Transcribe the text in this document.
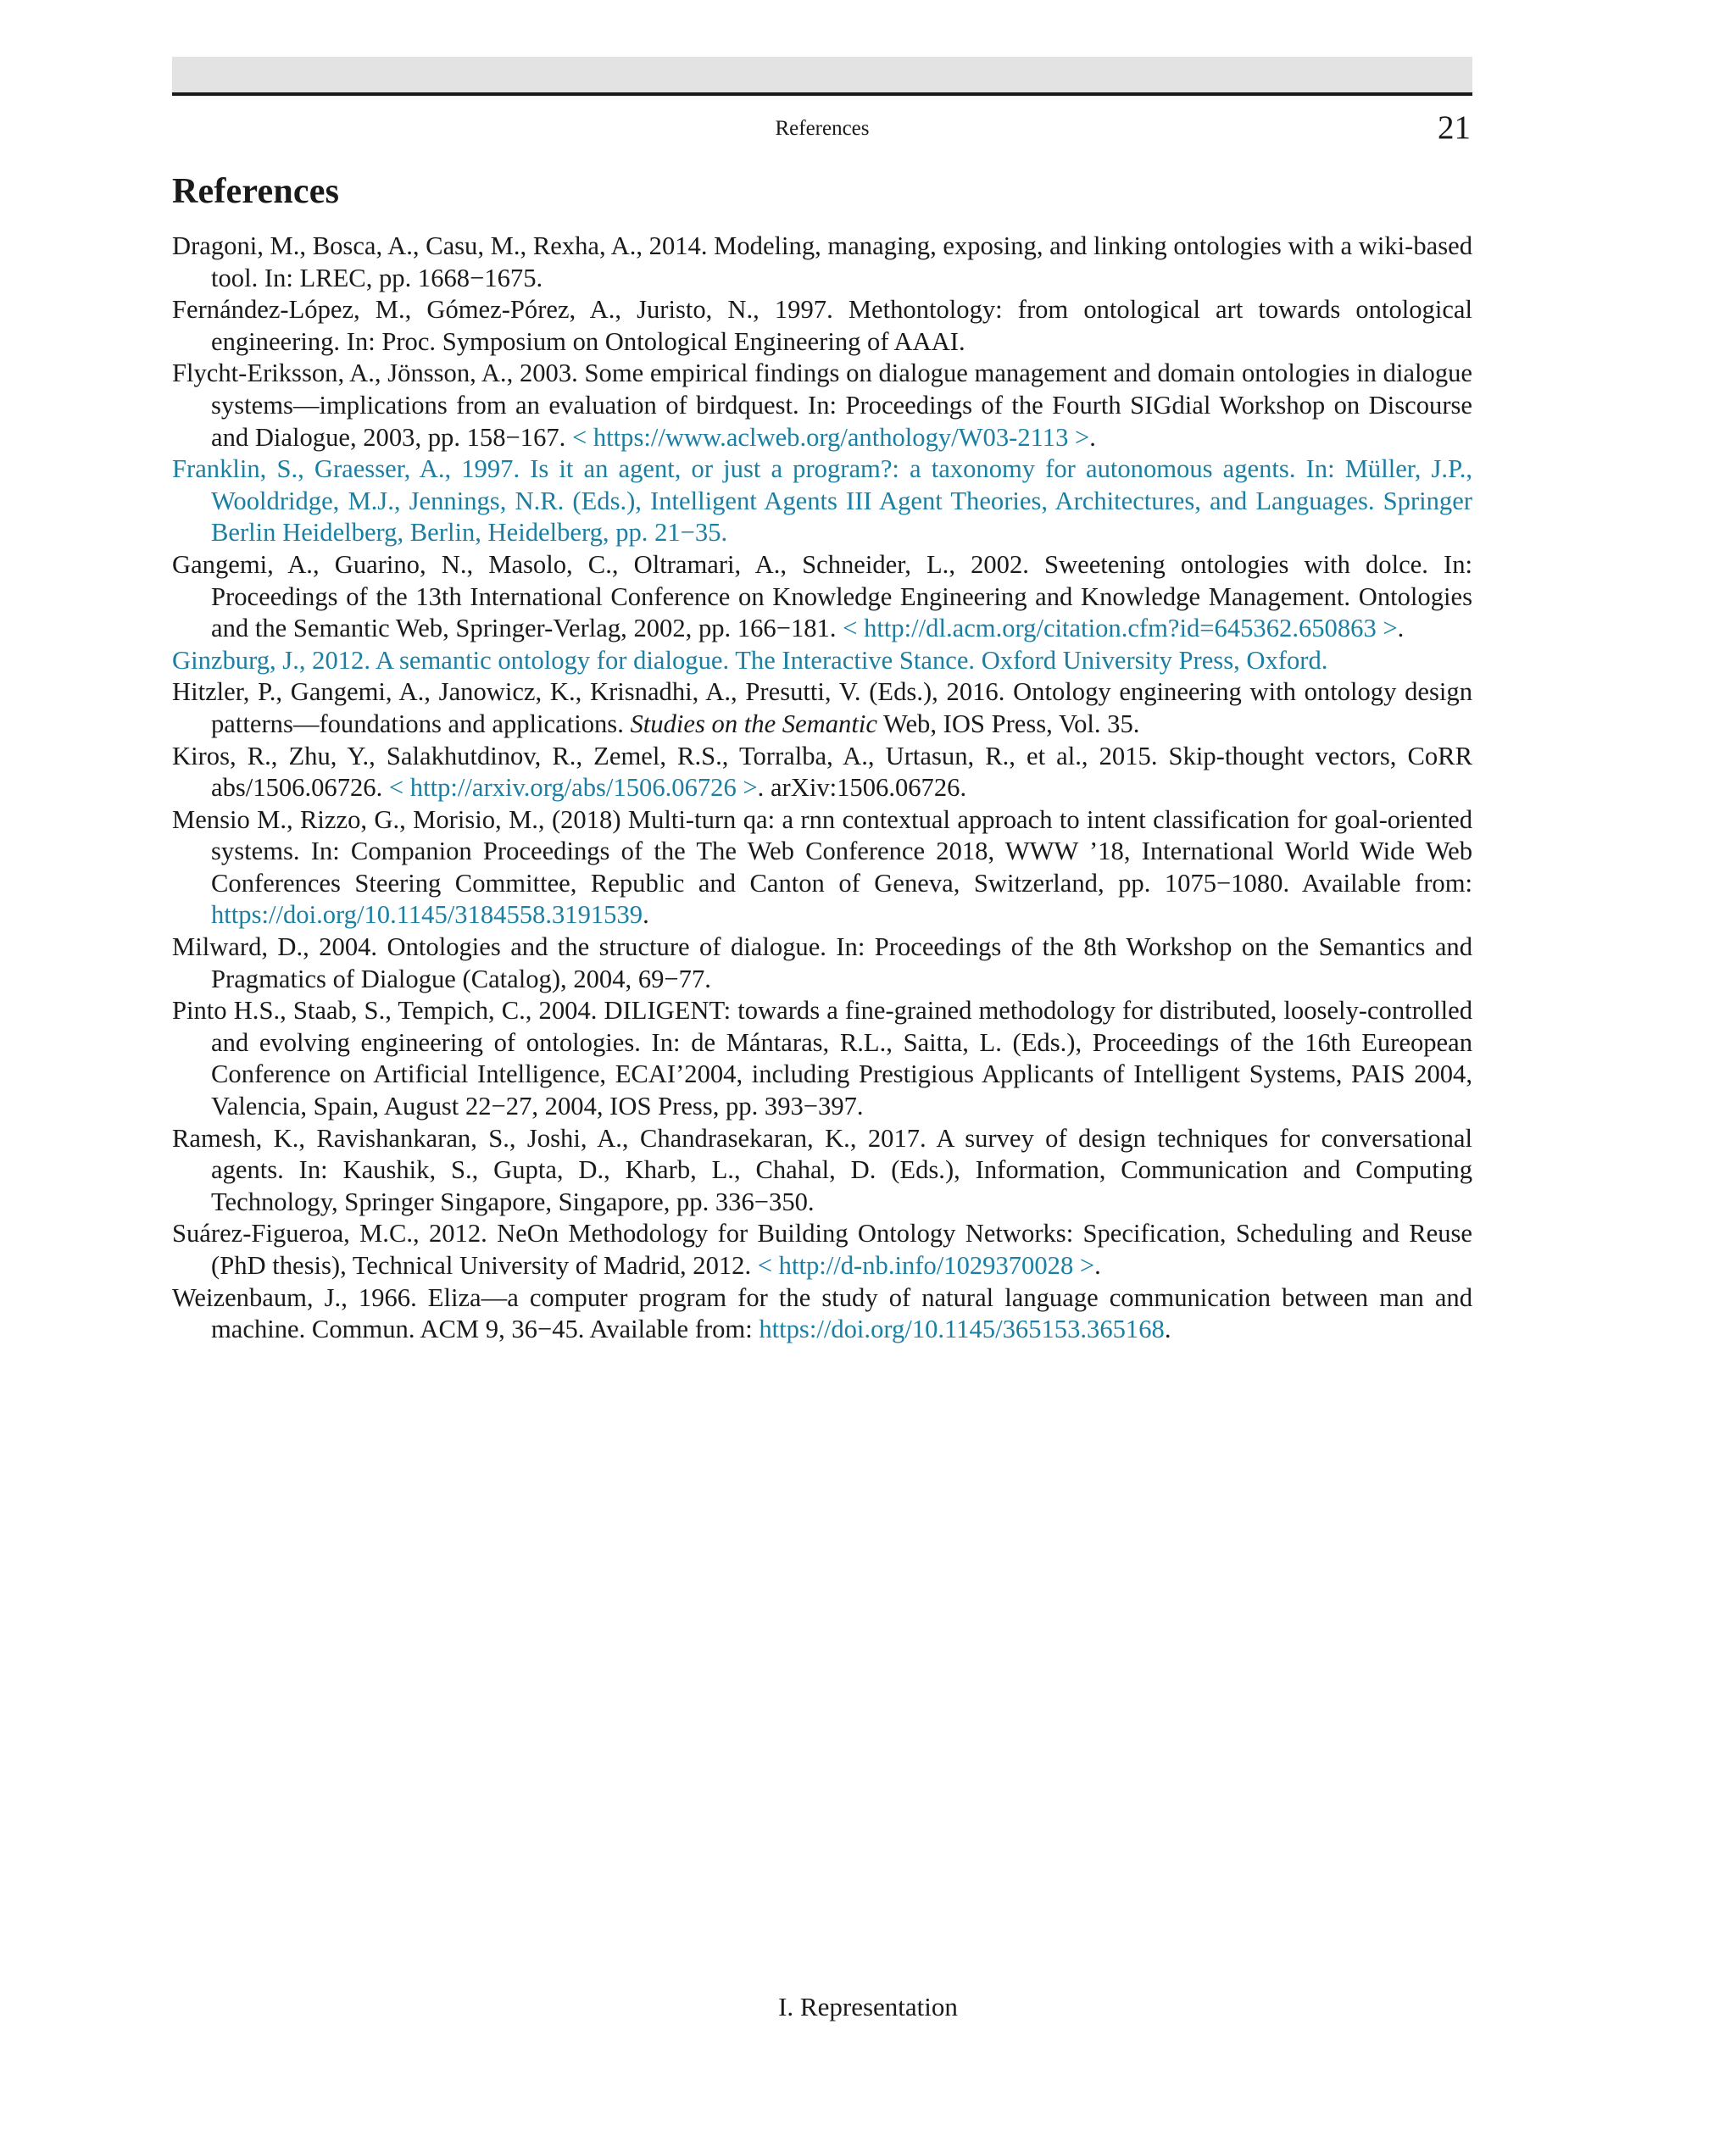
References	21
References

Dragoni, M., Bosca, A., Casu, M., Rexha, A., 2014. Modeling, managing, exposing, and linking ontologies with a wiki-based tool. In: LREC, pp. 1668−1675.

Fernández-López, M., Gómez-Pórez, A., Juristo, N., 1997. Methontology: from ontological art towards ontological engineering. In: Proc. Symposium on Ontological Engineering of AAAI.

Flycht-Eriksson, A., Jönsson, A., 2003. Some empirical findings on dialogue management and domain ontologies in dialogue systems—implications from an evaluation of birdquest. In: Proceedings of the Fourth SIGdial Workshop on Discourse and Dialogue, 2003, pp. 158−167. < https://www.aclweb.org/anthology/W03-2113 >.

Franklin, S., Graesser, A., 1997. Is it an agent, or just a program?: a taxonomy for autonomous agents. In: Müller, J.P., Wooldridge, M.J., Jennings, N.R. (Eds.), Intelligent Agents III Agent Theories, Architectures, and Languages. Springer Berlin Heidelberg, Berlin, Heidelberg, pp. 21−35.

Gangemi, A., Guarino, N., Masolo, C., Oltramari, A., Schneider, L., 2002. Sweetening ontologies with dolce. In: Proceedings of the 13th International Conference on Knowledge Engineering and Knowledge Management. Ontologies and the Semantic Web, Springer-Verlag, 2002, pp. 166−181. < http://dl.acm.org/citation.cfm?id=645362.650863 >.

Ginzburg, J., 2012. A semantic ontology for dialogue. The Interactive Stance. Oxford University Press, Oxford.

Hitzler, P., Gangemi, A., Janowicz, K., Krisnadhi, A., Presutti, V. (Eds.), 2016. Ontology engineering with ontology design patterns—foundations and applications. Studies on the Semantic Web, IOS Press, Vol. 35.

Kiros, R., Zhu, Y., Salakhutdinov, R., Zemel, R.S., Torralba, A., Urtasun, R., et al., 2015. Skip-thought vectors, CoRR abs/1506.06726. < http://arxiv.org/abs/1506.06726 >. arXiv:1506.06726.

Mensio M., Rizzo, G., Morisio, M., (2018) Multi-turn qa: a rnn contextual approach to intent classification for goal-oriented systems. In: Companion Proceedings of the The Web Conference 2018, WWW ’18, International World Wide Web Conferences Steering Committee, Republic and Canton of Geneva, Switzerland, pp. 1075−1080. Available from: https://doi.org/10.1145/3184558.3191539.

Milward, D., 2004. Ontologies and the structure of dialogue. In: Proceedings of the 8th Workshop on the Semantics and Pragmatics of Dialogue (Catalog), 2004, 69−77.

Pinto H.S., Staab, S., Tempich, C., 2004. DILIGENT: towards a fine-grained methodology for distributed, loosely-controlled and evolving engineering of ontologies. In: de Mántaras, R.L., Saitta, L. (Eds.), Proceedings of the 16th Eureopean Conference on Artificial Intelligence, ECAI’2004, including Prestigious Applicants of Intelligent Systems, PAIS 2004, Valencia, Spain, August 22−27, 2004, IOS Press, pp. 393−397.

Ramesh, K., Ravishankaran, S., Joshi, A., Chandrasekaran, K., 2017. A survey of design techniques for conversational agents. In: Kaushik, S., Gupta, D., Kharb, L., Chahal, D. (Eds.), Information, Communication and Computing Technology, Springer Singapore, Singapore, pp. 336−350.

Suárez-Figueroa, M.C., 2012. NeOn Methodology for Building Ontology Networks: Specification, Scheduling and Reuse (PhD thesis), Technical University of Madrid, 2012. < http://d-nb.info/1029370028 >.

Weizenbaum, J., 1966. Eliza—a computer program for the study of natural language communication between man and machine. Commun. ACM 9, 36−45. Available from: https://doi.org/10.1145/365153.365168.

I. Representation
